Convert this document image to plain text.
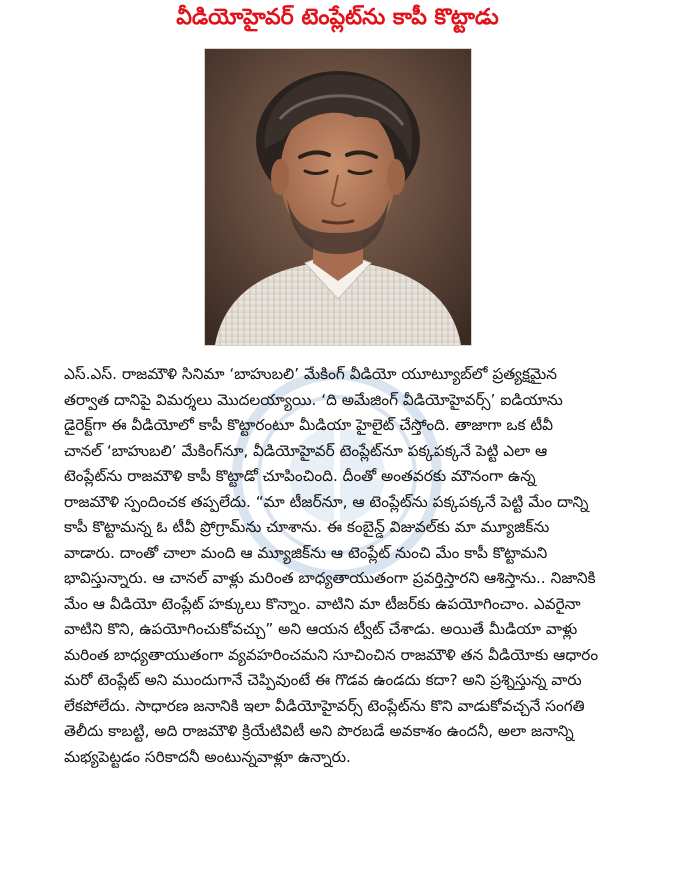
వీడియోహైవర్ టెంప్లేట్‌ను కాపీ కొట్టాడు
ఎస్.ఎస్. రాజమౌళి సినిమా ‘బాహుబలి’ మేకింగ్ వీడియో యూట్యూబ్‌లో ప్రత్యక్షమైన
తర్వాత దానిపై విమర్శలు మొదలయ్యాయి. ‘ది అమేజింగ్ వీడియోహైవర్స్’ ఐడియాను
డైరెక్ట్‌గా ఈ వీడియోలో కాపీ కొట్టారంటూ మీడియా హైలైట్ చేస్తోంది. తాజాగా ఒక టీవీ
చానల్ ‘బాహుబలి’ మేకింగ్‌నూ, వీడియోహైవర్ టెంప్లేట్‌నూ పక్కపక్కనే పెట్టి ఎలా ఆ
టెంప్లేట్‌ను రాజమౌళి కాపీ కొట్టాడో చూపించింది. దీంతో అంతవరకు మౌనంగా ఉన్న
రాజమౌళి స్పందించక తప్పలేదు. “మా టీజర్‌నూ, ఆ టెంప్లేట్‌ను పక్కపక్కనే పెట్టి మేం దాన్ని
కాపీ కొట్టామన్న ఓ టీవీ ప్రోగ్రామ్‌ను చూశాను. ఈ కంబైన్డ్ విజువల్‌కు మా మ్యూజిక్‌ను
వాడారు. దాంతో చాలా మంది ఆ మ్యూజిక్‌ను ఆ టెంప్లేట్ నుంచి మేం కాపీ కొట్టామని
భావిస్తున్నారు. ఆ చానల్ వాళ్లు మరింత బాధ్యతాయుతంగా ప్రవర్తిస్తారని ఆశిస్తాను.. నిజానికి
మేం ఆ వీడియో టెంప్లేట్ హక్కులు కొన్నాం. వాటిని మా టీజర్‌కు ఉపయోగించాం. ఎవరైనా
వాటిని కొని, ఉపయోగించుకోవచ్చు” అని ఆయన ట్వీట్ చేశాడు. అయితే మీడియా వాళ్లు
మరింత బాధ్యతాయుతంగా వ్యవహరించమని సూచించిన రాజమౌళి తన వీడియోకు ఆధారం
మరో టెంప్లేట్ అని ముందుగానే చెప్పివుంటే ఈ గొడవ ఉండదు కదా? అని ప్రశ్నిస్తున్న వారు
లేకపోలేదు. సాధారణ జనానికి ఇలా వీడియోహైవర్స్ టెంప్లేట్‌ను కొని వాడుకోవచ్చనే సంగతి
తెలీదు కాబట్టి, అది రాజమౌళి క్రియేటివిటీ అని పొరబడే అవకాశం ఉందనీ, అలా జనాన్ని
మభ్యపెట్టడం సరికాదనీ అంటున్నవాళ్లూ ఉన్నారు.
